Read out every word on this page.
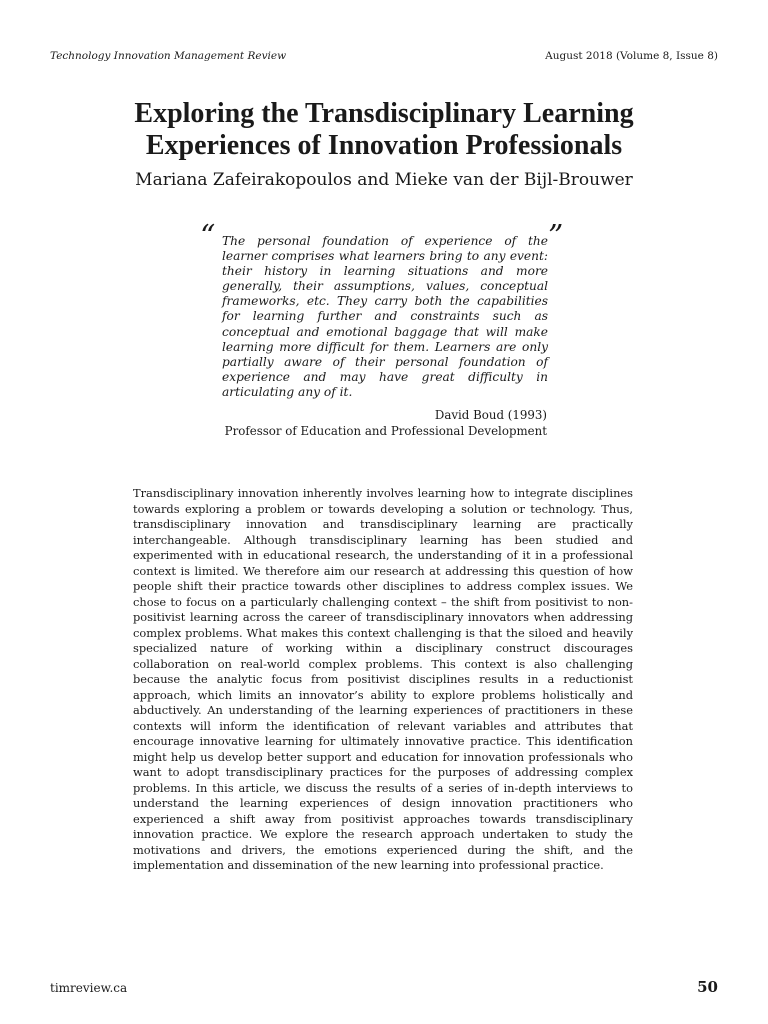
Technology Innovation Management Review	August 2018 (Volume 8, Issue 8)
Exploring the Transdisciplinary Learning
Experiences of Innovation Professionals
Mariana Zafeirakopoulos and Mieke van der Bijl-Brouwer
“ The personal foundation of experience of the learner comprises what learners bring to any event: their history in learning situations and more generally, their assumptions, values, conceptual frameworks, etc. They carry both the capabilities for learning further and constraints such as conceptual and emotional baggage that will make learning more difficult for them. Learners are only partially aware of their personal foundation of experience and may have great difficulty in articulating any of it.

”
David Boud (1993)
Professor of Education and Professional Development

Transdisciplinary innovation inherently involves learning how to integrate disciplines towards exploring a problem or towards developing a solution or technology. Thus, transdisciplinary innovation and transdisciplinary learning are practically interchangeable. Although transdisciplinary learning has been studied and experimented with in educational research, the understanding of it in a professional context is limited. We therefore aim our research at addressing this question of how people shift their practice towards other disciplines to address complex issues. We chose to focus on a particularly challenging context – the shift from positivist to non-positivist learning across the career of transdisciplinary innovators when addressing complex problems. What makes this context challenging is that the siloed and heavily specialized nature of working within a disciplinary construct discourages collaboration on real-world complex problems. This context is also challenging because the analytic focus from positivist disciplines results in a reductionist approach, which limits an innovator’s ability to explore problems holistically and abductively. An understanding of the learning experiences of practitioners in these contexts will inform the identification of relevant variables and attributes that encourage innovative learning for ultimately innovative practice. This identification might help us develop better support and education for innovation professionals who want to adopt transdisciplinary practices for the purposes of addressing complex problems. In this article, we discuss the results of a series of in-depth interviews to understand the learning experiences of design innovation practitioners who experienced a shift away from positivist approaches towards transdisciplinary innovation practice. We explore the research approach undertaken to study the motivations and drivers, the emotions experienced during the shift, and the implementation and dissemination of the new learning into professional practice.

timreview.ca	50
